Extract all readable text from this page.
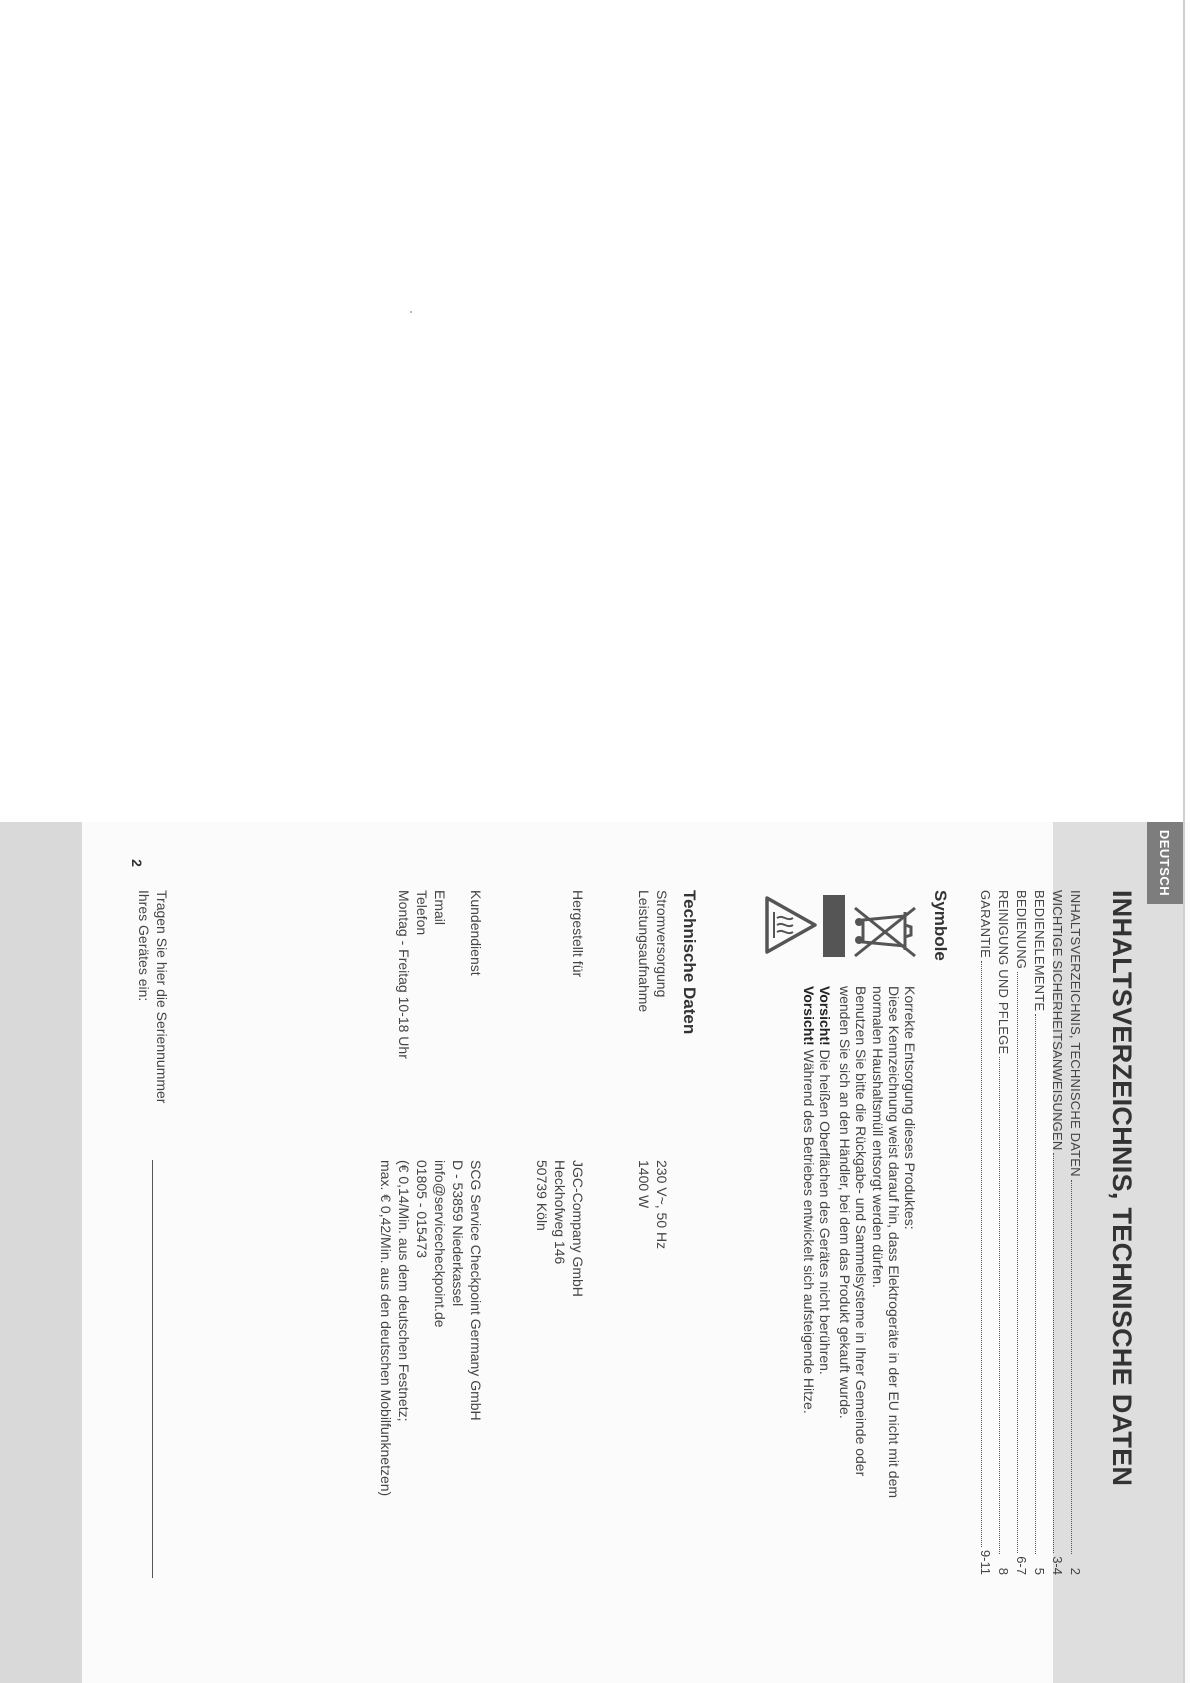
DEUTSCH
INHALTSVERZEICHNIS, TECHNISCHE DATEN
INHALTSVERZEICHNIS, TECHNISCHE DATEN
2
WICHTIGE SICHERHEITSANWEISUNGEN
3-4
BEDIENELEMENTE
5
BEDIENUNG
6-7
REINIGUNG UND PFLEGE
8
GARANTIE
9-11
Symbole
Korrekte Entsorgung dieses Produktes:
Diese Kennzeichnung weist darauf hin, dass Elektrogeräte in der EU nicht mit dem
normalen Haushaltsmüll entsorgt werden dürfen.
Benutzen Sie bitte die Rückgabe- und Sammelsysteme in Ihrer Gemeinde oder
wenden Sie sich an den Händler, bei dem das Produkt gekauft wurde.
Vorsicht! Die heißen Oberflächen des Gerätes nicht berühren.
Vorsicht! Während des Betriebes entwickelt sich aufsteigende Hitze.
Technische Daten
Stromversorgung
230 V~, 50 Hz
Leistungsaufnahme
1400 W
Hergestellt für
JGC-Company GmbH
Heckhofweg 146
50739 Köln
Kundendienst
SCG Service Checkpoint Germany GmbH
D - 53859 Niederkassel
Email
info@servicecheckpoint.de
Telefon
01805 - 015473
Montag - Freitag 10-18 Uhr
(€ 0,14/Min. aus dem deutschen Festnetz;
max. € 0,42/Min. aus den deutschen Mobilfunknetzen)
Tragen Sie hier die Seriennummer
Ihres Gerätes ein:
2
